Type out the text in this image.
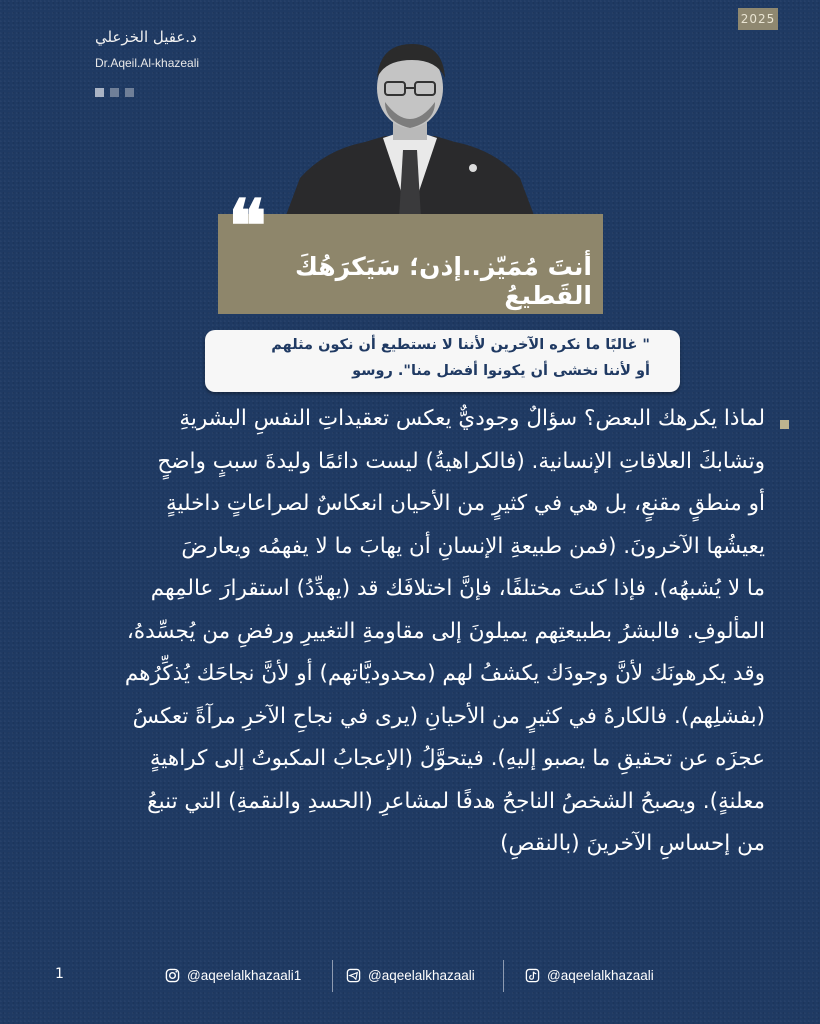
2025
د.عقيل الخزعلي
Dr.Aqeil.Al-khazeali
❝	أنتَ مُمَيّز..إذن؛ سَيَكرَهُكَ القَطيعُ
" غالبًا ما نكره الآخرين لأننا لا نستطيع أن نكون مثلهم
أو لأننا نخشى أن يكونوا أفضل منا". روسو
لماذا يكرهك البعض؟ سؤالٌ وجوديٌّ يعكس تعقيداتِ النفسِ البشريةِ
وتشابكَ العلاقاتِ الإنسانية. (فالكراهيةُ) ليست دائمًا وليدةَ سببٍ واضحٍ
أو منطقٍ مقنعٍ، بل هي في كثيرٍ من الأحيان انعكاسٌ لصراعاتٍ داخليةٍ
يعيشُها الآخرونَ. (فمن طبيعةِ الإنسانِ أن يهابَ ما لا يفهمُه ويعارضَ
ما لا يُشبهُه). فإذا كنتَ مختلفًا، فإنَّ اختلافَك قد (يهدِّدُ) استقرارَ عالمِهم
المألوفِ. فالبشرُ بطبيعتِهم يميلونَ إلى مقاومةِ التغييرِ ورفضِ من يُجسِّدهُ،
وقد يكرهونَك لأنَّ وجودَك يكشفُ لهم (محدوديَّاتهم) أو لأنَّ نجاحَك يُذكِّرُهم
(بفشلِهم). فالكارهُ في كثيرٍ من الأحيانِ (يرى في نجاحِ الآخرِ مرآةً تعكسُ
عجزَه عن تحقيقِ ما يصبو إليهِ). فيتحوَّلُ (الإعجابُ المكبوتُ إلى كراهيةٍ
معلنةٍ). ويصبحُ الشخصُ الناجحُ هدفًا لمشاعرِ (الحسدِ والنقمةِ) التي تنبعُ
من إحساسِ الآخرينَ (بالنقصِ)
1	@aqeelalkhazaali1	@aqeelalkhazaali	@aqeelalkhazaali
